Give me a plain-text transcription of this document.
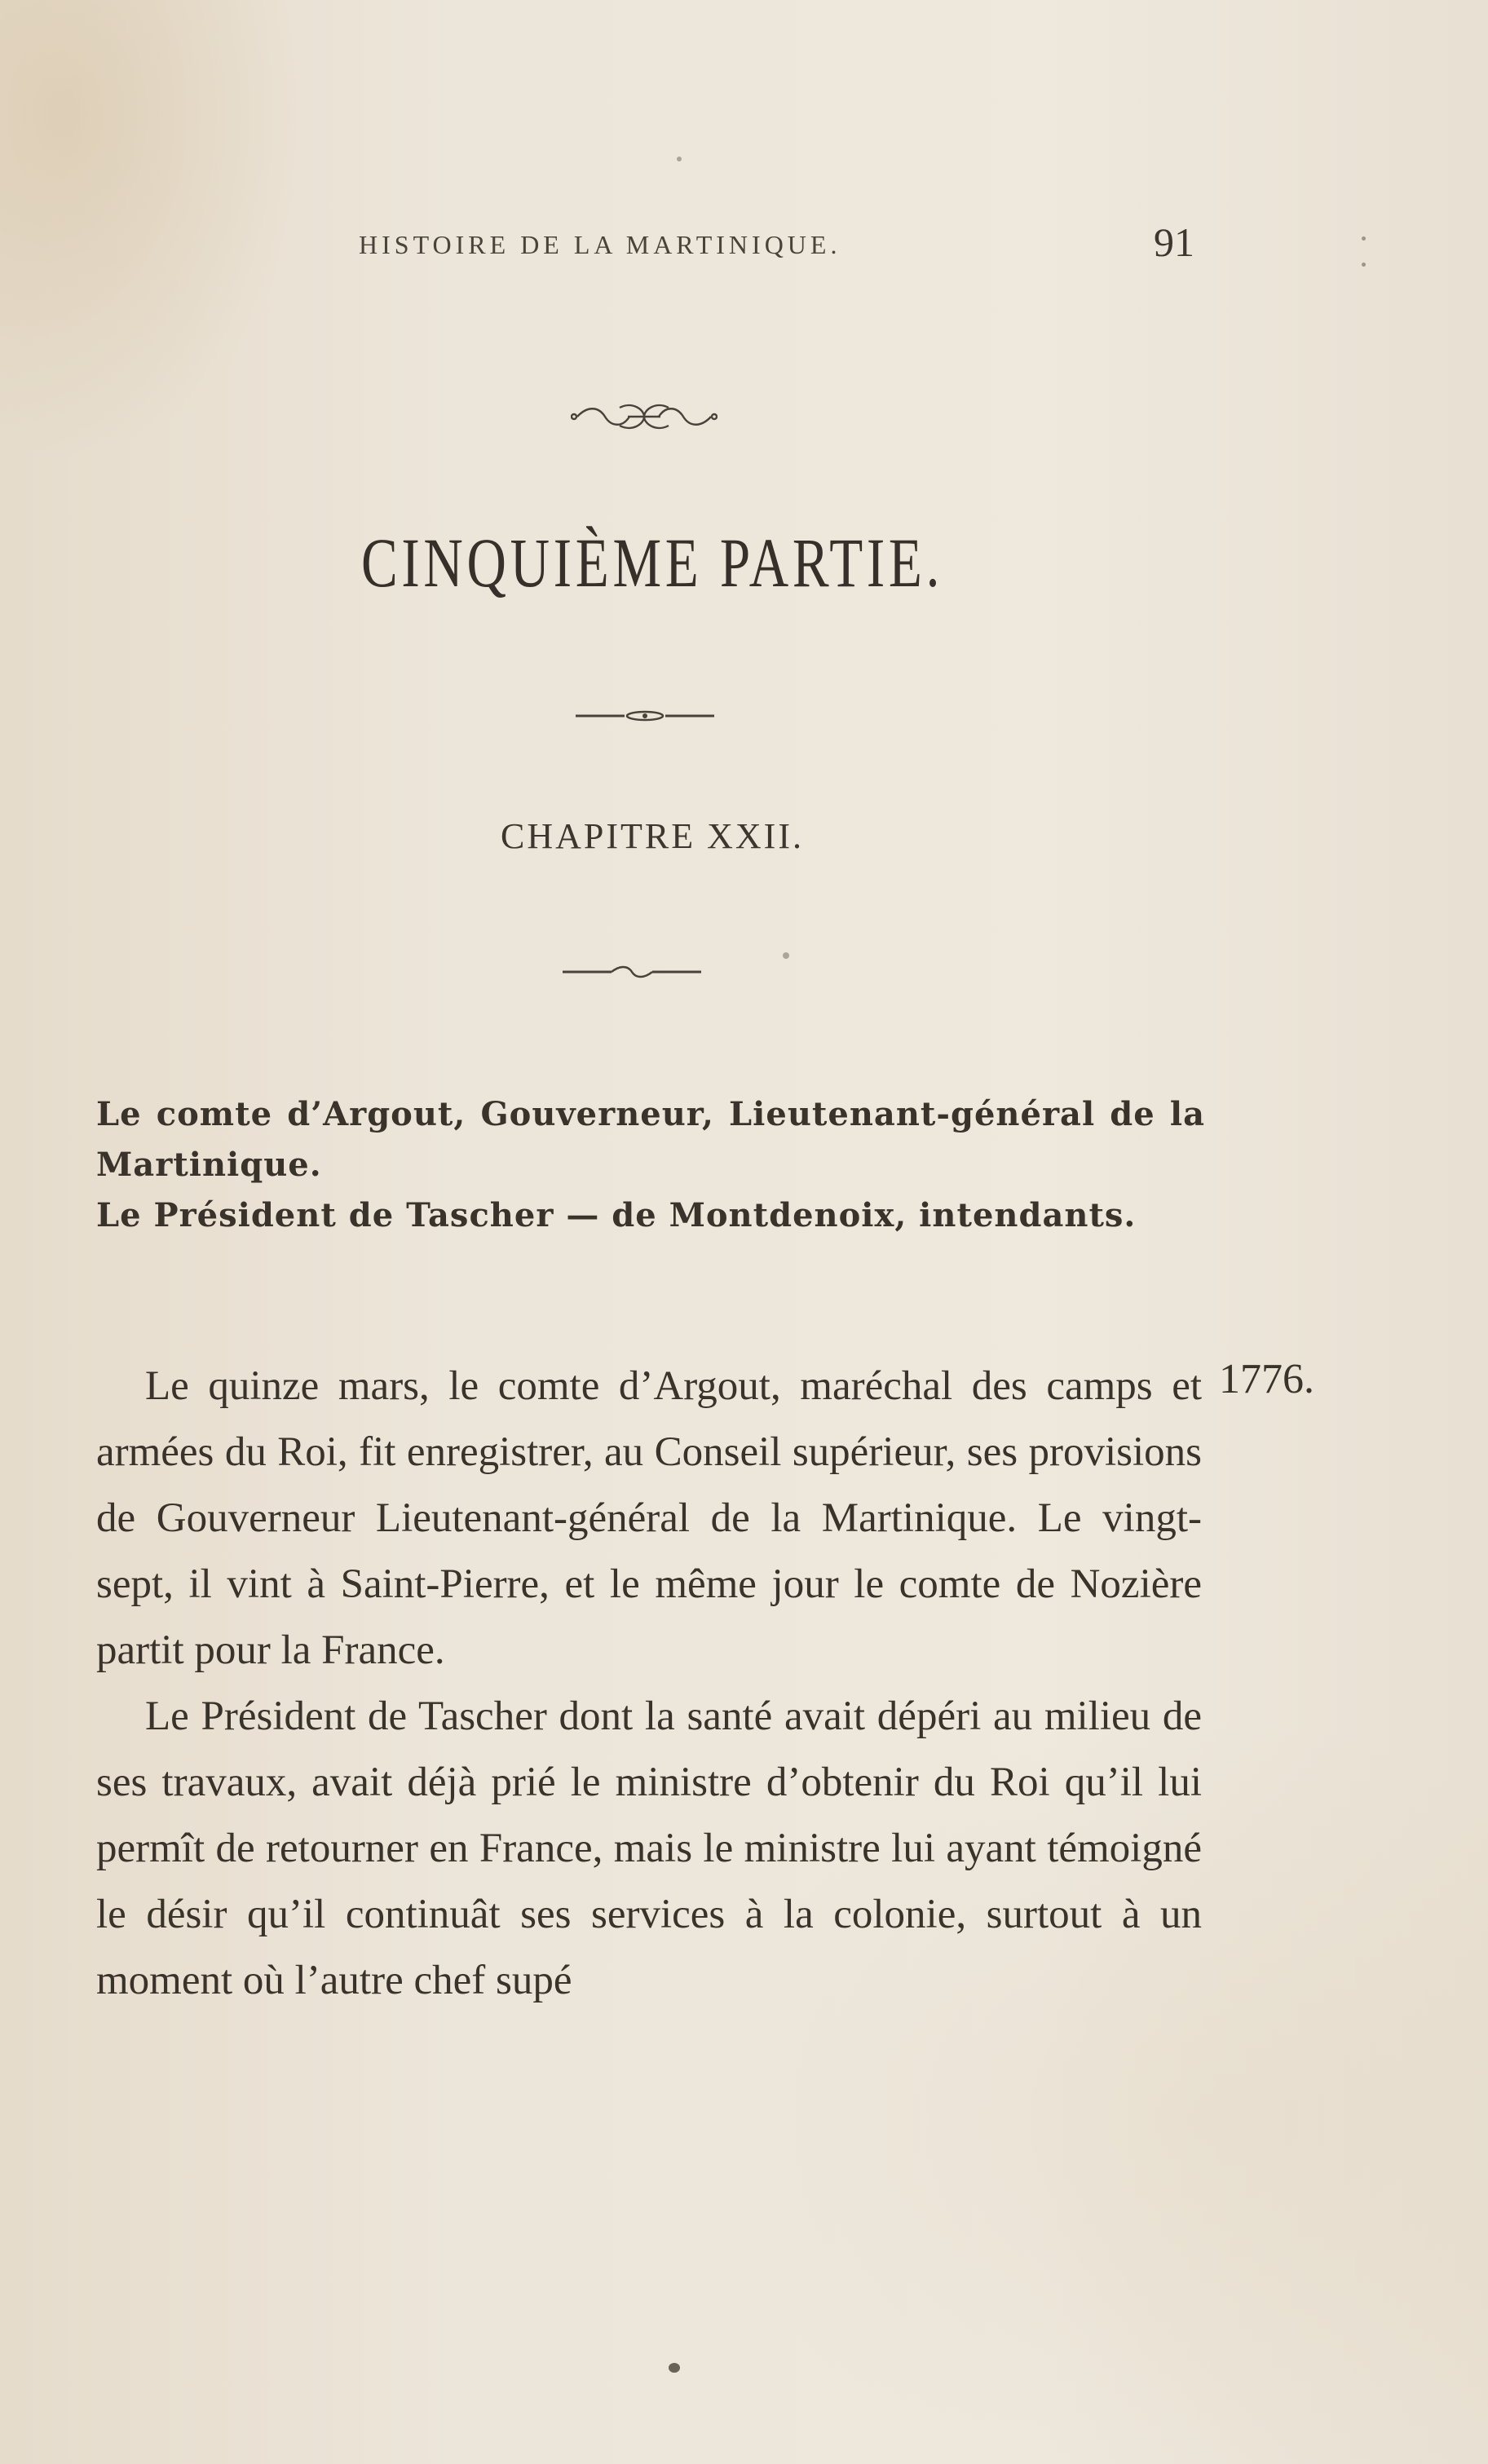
HISTOIRE DE LA MARTINIQUE.	91
CINQUIÈME PARTIE.
CHAPITRE XXII.

Le comte d’Argout, Gouverneur, Lieutenant-général de la Martinique.

Le Président de Tascher — de Montdenoix, intendants.

1776.

Le quinze mars, le comte d’Argout, maréchal des camps et armées du Roi, fit enregistrer, au Conseil supérieur, ses provisions de Gouverneur Lieutenant-général de la Martinique. Le vingt-sept, il vint à Saint-Pierre, et le même jour le comte de Nozière partit pour la France.

Le Président de Tascher dont la santé avait dépéri au milieu de ses travaux, avait déjà prié le ministre d’obtenir du Roi qu’il lui permît de retourner en France, mais le ministre lui ayant témoigné le désir qu’il continuât ses services à la colonie, surtout à un moment où l’autre chef supé
